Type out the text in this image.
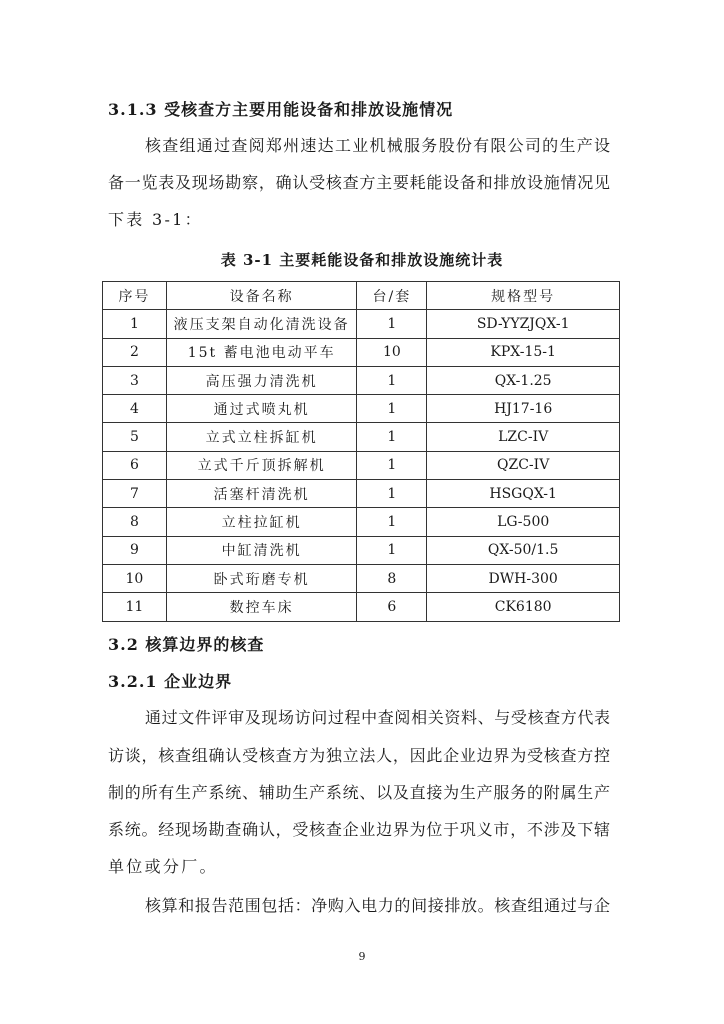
3.1.3 受核查方主要用能设备和排放设施情况
核查组通过查阅郑州速达工业机械服务股份有限公司的生产设
备一览表及现场勘察，确认受核查方主要耗能设备和排放设施情况见
下表 3-1：
表 3-1 主要耗能设备和排放设施统计表
序号	设备名称	台/套	规格型号
1	液压支架自动化清洗设备	1	SD-YYZJQX-1
2	15t 蓄电池电动平车	10	KPX-15-1
3	高压强力清洗机	1	QX-1.25
4	通过式喷丸机	1	HJ17-16
5	立式立柱拆缸机	1	LZC-IV
6	立式千斤顶拆解机	1	QZC-IV
7	活塞杆清洗机	1	HSGQX-1
8	立柱拉缸机	1	LG-500
9	中缸清洗机	1	QX-50/1.5
10	卧式珩磨专机	8	DWH-300
11	数控车床	6	CK6180
3.2 核算边界的核查
3.2.1 企业边界
通过文件评审及现场访问过程中查阅相关资料、与受核查方代表
访谈，核查组确认受核查方为独立法人，因此企业边界为受核查方控
制的所有生产系统、辅助生产系统、以及直接为生产服务的附属生产
系统。经现场勘查确认，受核查企业边界为位于巩义市，不涉及下辖
单位或分厂。
核算和报告范围包括：净购入电力的间接排放。核查组通过与企
9
